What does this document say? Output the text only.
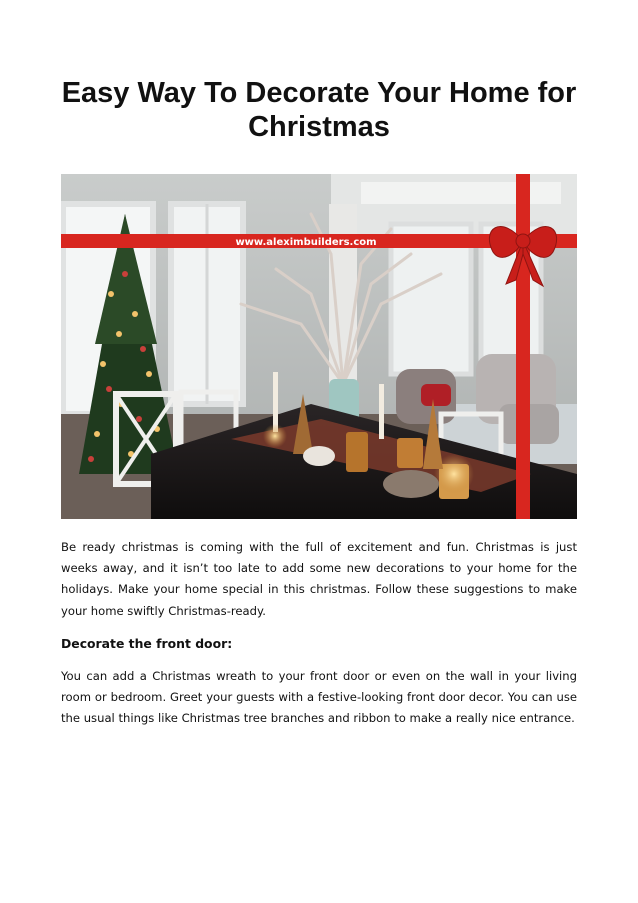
Easy Way To Decorate Your Home for Christmas
www.aleximbuilders.com

Be ready christmas is coming with the full of excitement and fun. Christmas is just weeks away, and it isn’t too late to add some new decorations to your home for the holidays. Make your home special in this christmas. Follow these suggestions to make your home swiftly Christmas-ready.

Decorate the front door:

You can add a Christmas wreath to your front door or even on the wall in your living room or bedroom. Greet your guests with a festive-looking front door decor. You can use the usual things like Christmas tree branches and ribbon to make a really nice entrance.
